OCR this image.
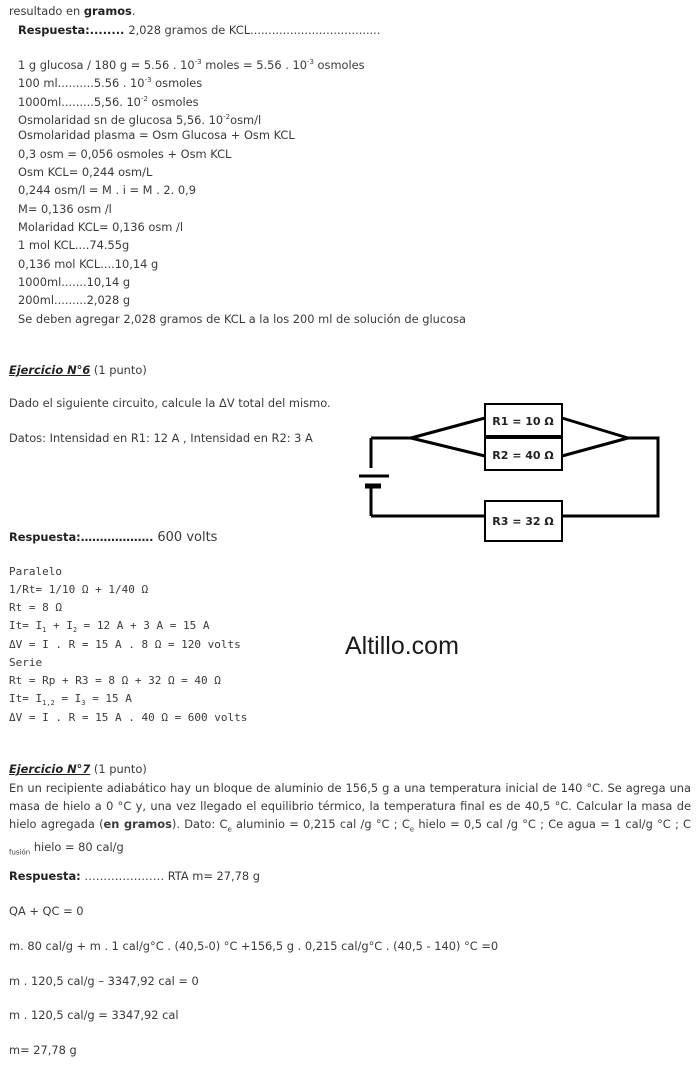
resultado en gramos.
Respuesta:........ 2,028 gramos de KCL....................................
1 g glucosa / 180 g = 5.56 . $10^{-3}$ moles = 5.56 . $10^{-3}$ osmoles
100 ml..........5.56 . $10^{-3}$ osmoles
1000ml.........5,56. $10^{-2}$ osmoles
Osmolaridad sn de glucosa 5,56. $10^{-2}osm/l$
Osmolaridad plasma = Osm Glucosa + Osm KCL
0,3 osm = 0,056 osmoles + Osm KCL
Osm KCL= 0,244 osm/L
0,244 osm/l = M . i = M . 2. 0,9
M= 0,136 osm /l
Molaridad KCL= 0,136 osm /l
1 mol KCL....74.55g
0,136 mol KCL....10,14 g
1000ml.......10,14 g
200ml.........2,028 g
Se deben agregar 2,028 gramos de KCL a la los 200 ml de solución de glucosa
Ejercicio N°6 (1 punto)
Dado el siguiente circuito, calcule la ΔV total del mismo.
Datos: Intensidad en R1: 12 A , Intensidad en R2: 3 A
R1 = 10 Ω
R2 = 40 Ω
R3 = 32 Ω
Respuesta:………………. 600 volts
Paralelo
1/Rt= 1/10 Ω + 1/40 Ω
Rt = 8 Ω
$It= I_1 + I_2 = 12$ A + 3 A = 15 A
ΔV = I . R = 15 A . 8 Ω = 120 volts
Serie
Rt = Rp + R3 = 8 Ω + 32 Ω = 40 Ω
$It= I_{1,2} = I_3 = 15$ A
ΔV = I . R = 15 A . 40 Ω = 600 volts
Altillo.com
Ejercicio N°7 (1 punto)
En un recipiente adiabático hay un bloque de aluminio de 156,5 g a una temperatura inicial de 140 °C. Se agrega una masa de hielo a 0 °C y, una vez llegado el equilibrio térmico, la temperatura final es de 40,5 °C. Calcular la masa de hielo agregada (en gramos). Dato: $C_e$ aluminio = 0,215 cal /g °C ; $C_e$ hielo = 0,5 cal /g °C ; Ce agua = 1 cal/g °C ; C $_{fusión}$ hielo = 80 cal/g
Respuesta: ………………… RTA m= 27,78 g
QA + QC = 0
m. 80 cal/g + m . 1 cal/g°C . (40,5-0) °C +156,5 g . 0,215 cal/g°C . (40,5 - 140) °C =0
m . 120,5 cal/g – 3347,92 cal = 0
m . 120,5 cal/g = 3347,92 cal
m= 27,78 g
